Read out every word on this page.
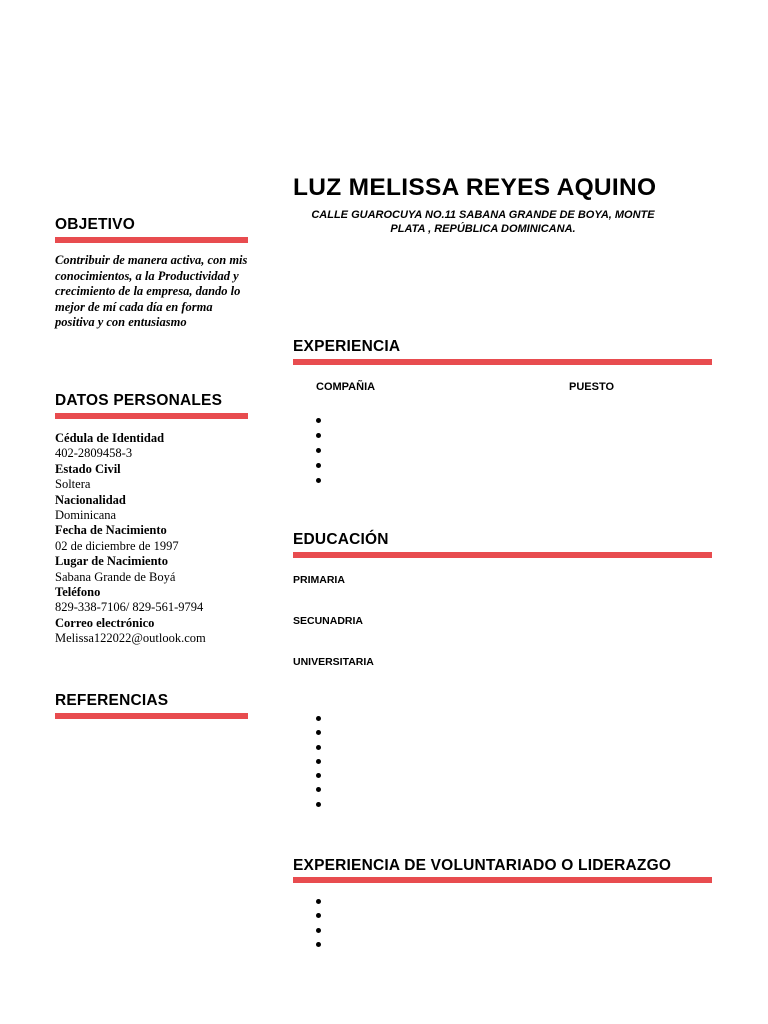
LUZ MELISSA REYES AQUINO
CALLE GUAROCUYA NO.11 SABANA GRANDE DE BOYA, MONTE PLATA , REPÚBLICA DOMINICANA.
OBJETIVO
Contribuir de manera activa, con mis conocimientos, a la Productividad y crecimiento de la empresa, dando lo mejor de mí cada día en forma positiva y con entusiasmo
DATOS PERSONALES
Cédula de Identidad
402-2809458-3
Estado Civil
Soltera
Nacionalidad
Dominicana
Fecha de Nacimiento
02 de diciembre de 1997
Lugar de Nacimiento
Sabana Grande de Boyá
Teléfono
829-338-7106/ 829-561-9794
Correo electrónico
Melissa122022@outlook.com
REFERENCIAS
EXPERIENCIA
COMPAÑIA	PUESTO
EDUCACIÓN
PRIMARIA
SECUNADRIA
UNIVERSITARIA
EXPERIENCIA DE VOLUNTARIADO O LIDERAZGO
